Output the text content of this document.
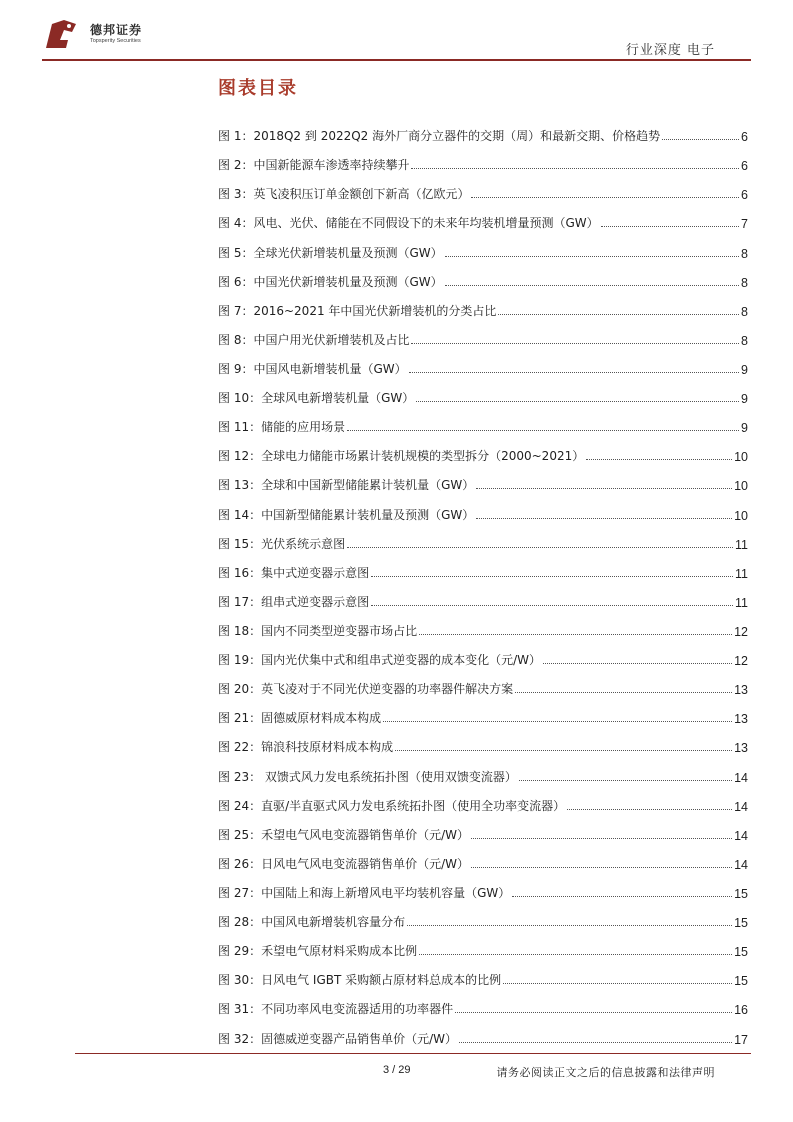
德邦证券
Topsperity Securities
行业深度 电子
图表目录
图 1：2018Q2 到 2022Q2 海外厂商分立器件的交期（周）和最新交期、价格趋势	6
图 2：中国新能源车渗透率持续攀升	6
图 3：英飞凌积压订单金额创下新高（亿欧元）	6
图 4：风电、光伏、储能在不同假设下的未来年均装机增量预测（GW）	7
图 5：全球光伏新增装机量及预测（GW）	8
图 6：中国光伏新增装机量及预测（GW）	8
图 7：2016~2021 年中国光伏新增装机的分类占比	8
图 8：中国户用光伏新增装机及占比	8
图 9：中国风电新增装机量（GW）	9
图 10：全球风电新增装机量（GW）	9
图 11：储能的应用场景	9
图 12：全球电力储能市场累计装机规模的类型拆分（2000~2021）	10
图 13：全球和中国新型储能累计装机量（GW）	10
图 14：中国新型储能累计装机量及预测（GW）	10
图 15：光伏系统示意图	11
图 16：集中式逆变器示意图	11
图 17：组串式逆变器示意图	11
图 18：国内不同类型逆变器市场占比	12
图 19：国内光伏集中式和组串式逆变器的成本变化（元/W）	12
图 20：英飞凌对于不同光伏逆变器的功率器件解决方案	13
图 21：固德威原材料成本构成	13
图 22：锦浪科技原材料成本构成	13
图 23： 双馈式风力发电系统拓扑图（使用双馈变流器）	14
图 24：直驱/半直驱式风力发电系统拓扑图（使用全功率变流器）	14
图 25：禾望电气风电变流器销售单价（元/W）	14
图 26：日风电气风电变流器销售单价（元/W）	14
图 27：中国陆上和海上新增风电平均装机容量（GW）	15
图 28：中国风电新增装机容量分布	15
图 29：禾望电气原材料采购成本比例	15
图 30：日风电气 IGBT 采购额占原材料总成本的比例	15
图 31：不同功率风电变流器适用的功率器件	16
图 32：固德威逆变器产品销售单价（元/W）	17
3 / 29	请务必阅读正文之后的信息披露和法律声明
